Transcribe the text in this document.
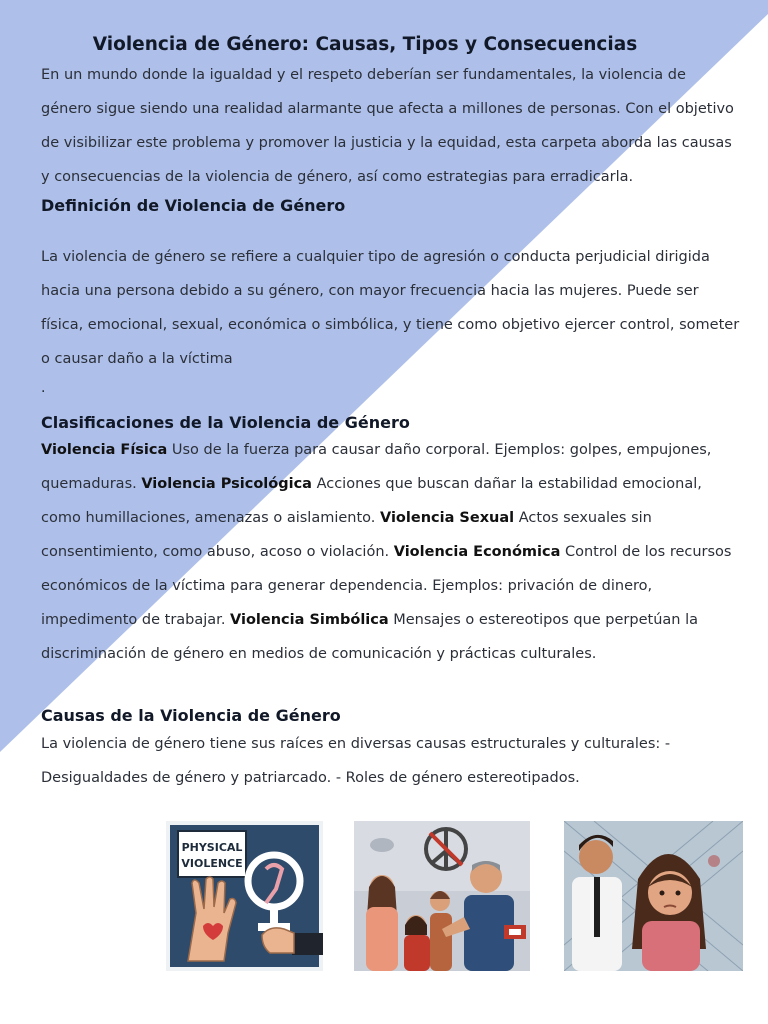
Violencia de Género: Causas, Tipos y Consecuencias

En un mundo donde la igualdad y el respeto deberían ser fundamentales, la violencia de género sigue siendo una realidad alarmante que afecta a millones de personas. Con el objetivo de visibilizar este problema y promover la justicia y la equidad, esta carpeta aborda las causas y consecuencias de la violencia de género, así como estrategias para erradicarla.

Definición de Violencia de Género

La violencia de género se refiere a cualquier tipo de agresión o conducta perjudicial dirigida hacia una persona debido a su género, con mayor frecuencia hacia las mujeres. Puede ser física, emocional, sexual, económica o simbólica, y tiene como objetivo ejercer control, someter o causar daño a la víctima

.
Clasificaciones de la Violencia de Género

Violencia Física Uso de la fuerza para causar daño corporal. Ejemplos: golpes, empujones, quemaduras. Violencia Psicológica Acciones que buscan dañar la estabilidad emocional, como humillaciones, amenazas o aislamiento. Violencia Sexual Actos sexuales sin consentimiento, como abuso, acoso o violación. Violencia Económica Control de los recursos económicos de la víctima para generar dependencia. Ejemplos: privación de dinero, impedimento de trabajar. Violencia Simbólica Mensajes o estereotipos que perpetúan la discriminación de género en medios de comunicación y prácticas culturales.

Causas de la Violencia de Género

La violencia de género tiene sus raíces en diversas causas estructurales y culturales: - Desigualdades de género y patriarcado. - Roles de género estereotipados.

PHYSICAL
VIOLENCE
